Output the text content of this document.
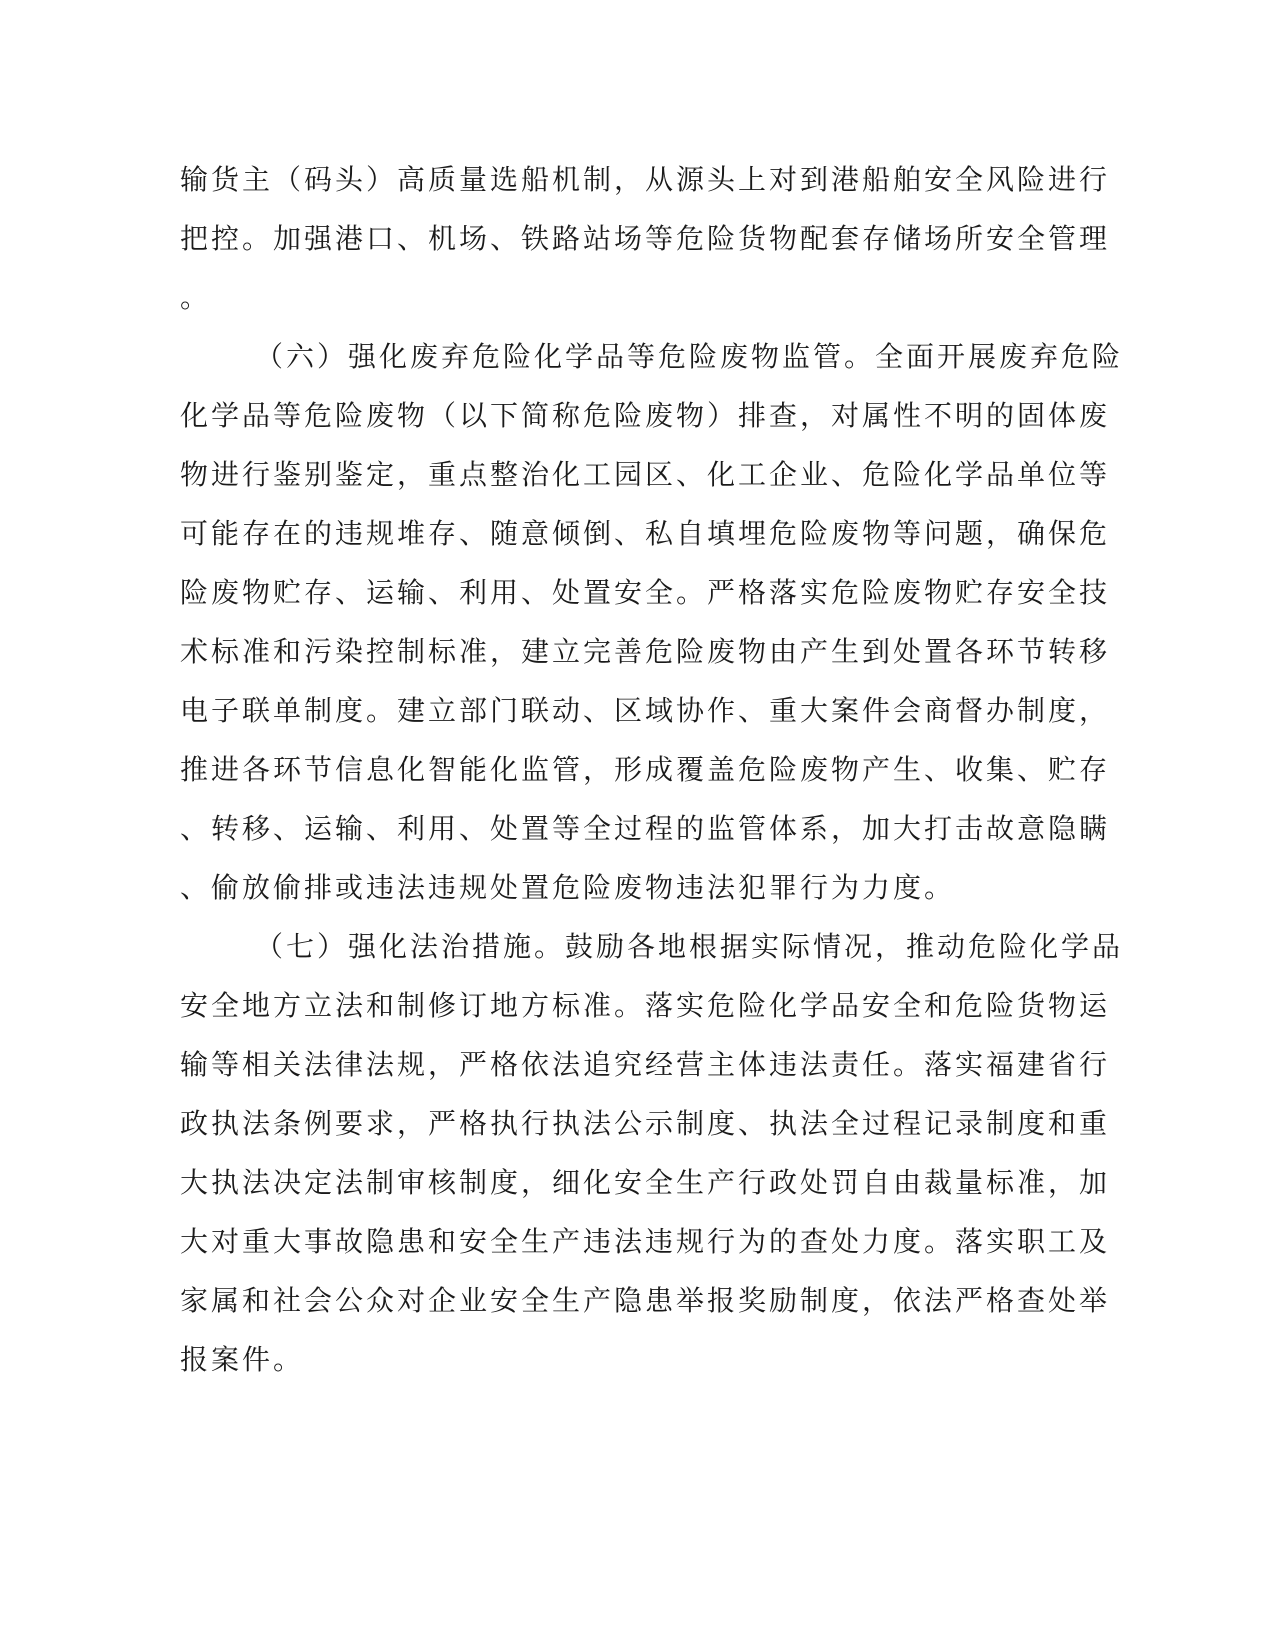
输货主（码头）高质量选船机制，从源头上对到港船舶安全风险进行
把控。加强港口、机场、铁路站场等危险货物配套存储场所安全管理
。
（六）强化废弃危险化学品等危险废物监管。全面开展废弃危险
化学品等危险废物（以下简称危险废物）排查，对属性不明的固体废
物进行鉴别鉴定，重点整治化工园区、化工企业、危险化学品单位等
可能存在的违规堆存、随意倾倒、私自填埋危险废物等问题，确保危
险废物贮存、运输、利用、处置安全。严格落实危险废物贮存安全技
术标准和污染控制标准，建立完善危险废物由产生到处置各环节转移
电子联单制度。建立部门联动、区域协作、重大案件会商督办制度，
推进各环节信息化智能化监管，形成覆盖危险废物产生、收集、贮存
、转移、运输、利用、处置等全过程的监管体系，加大打击故意隐瞒
、偷放偷排或违法违规处置危险废物违法犯罪行为力度。
（七）强化法治措施。鼓励各地根据实际情况，推动危险化学品
安全地方立法和制修订地方标准。落实危险化学品安全和危险货物运
输等相关法律法规，严格依法追究经营主体违法责任。落实福建省行
政执法条例要求，严格执行执法公示制度、执法全过程记录制度和重
大执法决定法制审核制度，细化安全生产行政处罚自由裁量标准，加
大对重大事故隐患和安全生产违法违规行为的查处力度。落实职工及
家属和社会公众对企业安全生产隐患举报奖励制度，依法严格查处举
报案件。
